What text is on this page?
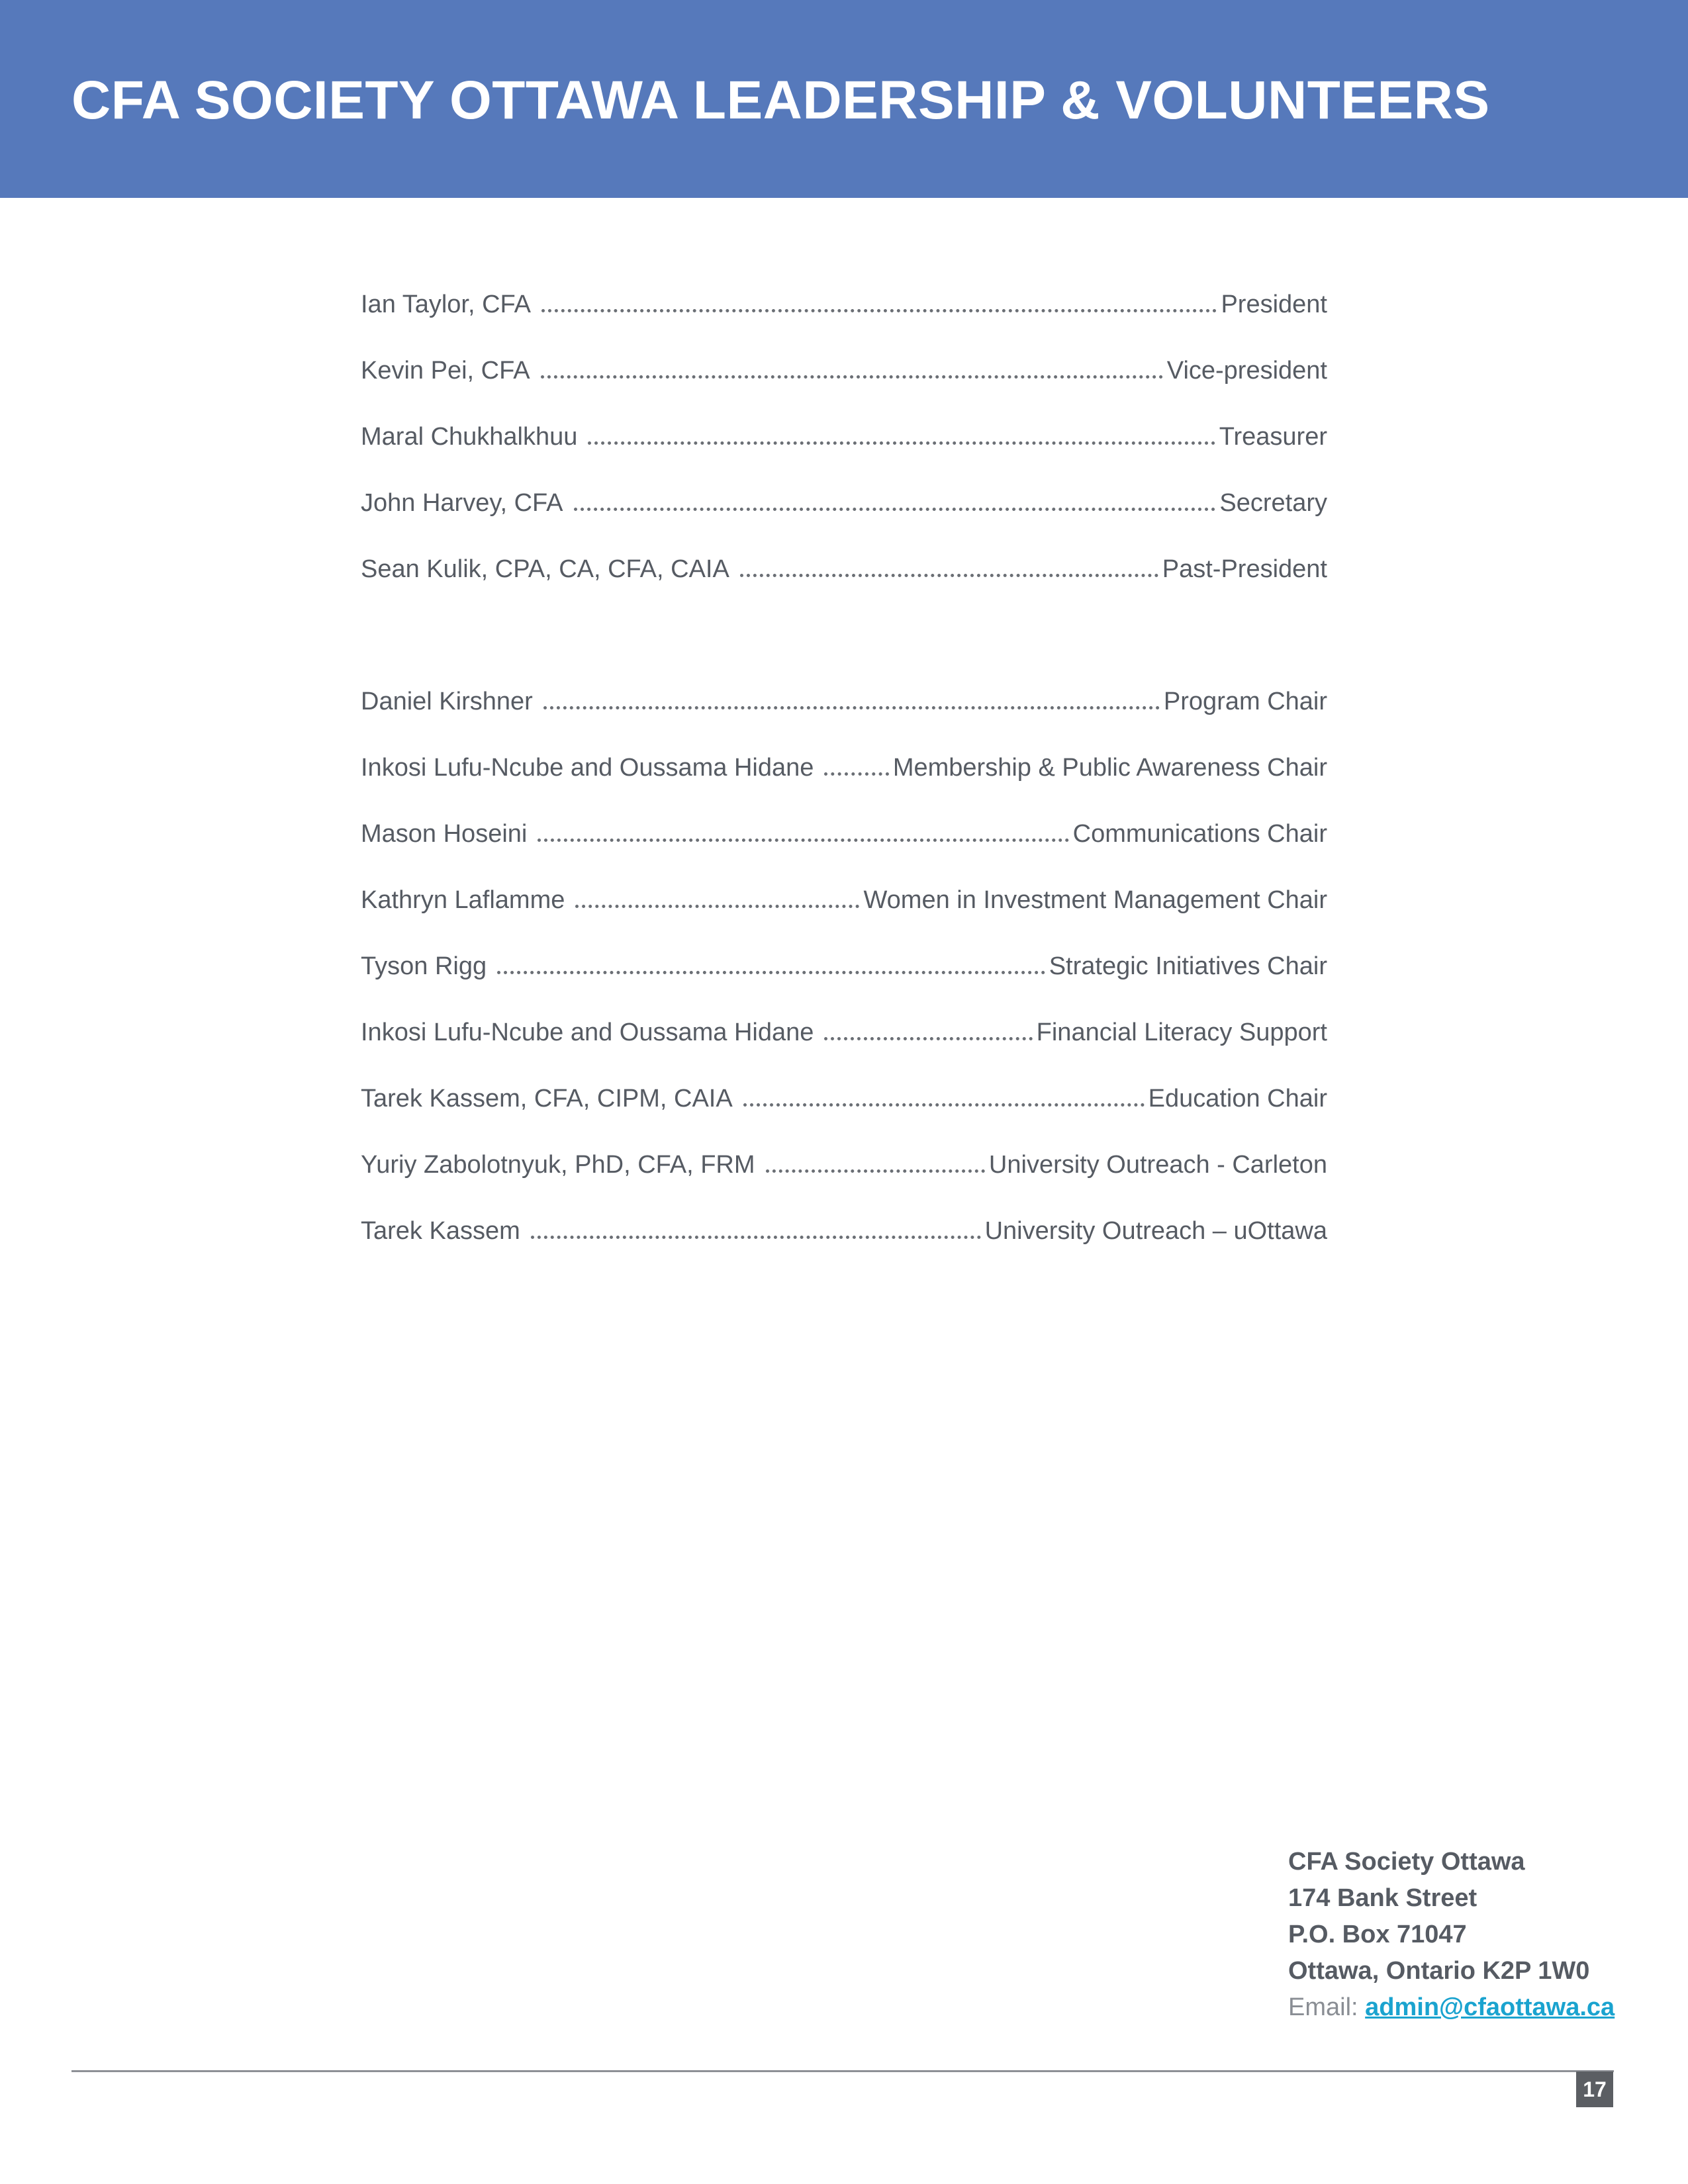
CFA SOCIETY OTTAWA LEADERSHIP & VOLUNTEERS
Ian Taylor, CFA	President
Kevin Pei, CFA	Vice-president
Maral Chukhalkhuu	Treasurer
John Harvey, CFA	Secretary
Sean Kulik, CPA, CA, CFA, CAIA	Past-President
Daniel Kirshner	Program Chair
Inkosi Lufu-Ncube and Oussama Hidane	Membership & Public Awareness Chair
Mason Hoseini	Communications Chair
Kathryn Laflamme	Women in Investment Management Chair
Tyson Rigg	Strategic Initiatives Chair
Inkosi Lufu-Ncube and Oussama Hidane	Financial Literacy Support
Tarek Kassem, CFA, CIPM, CAIA	Education Chair
Yuriy Zabolotnyuk, PhD, CFA, FRM	University Outreach - Carleton
Tarek Kassem	University Outreach – uOttawa
CFA Society Ottawa
174 Bank Street
P.O. Box 71047
Ottawa, Ontario K2P 1W0
Email: admin@cfaottawa.ca
17
